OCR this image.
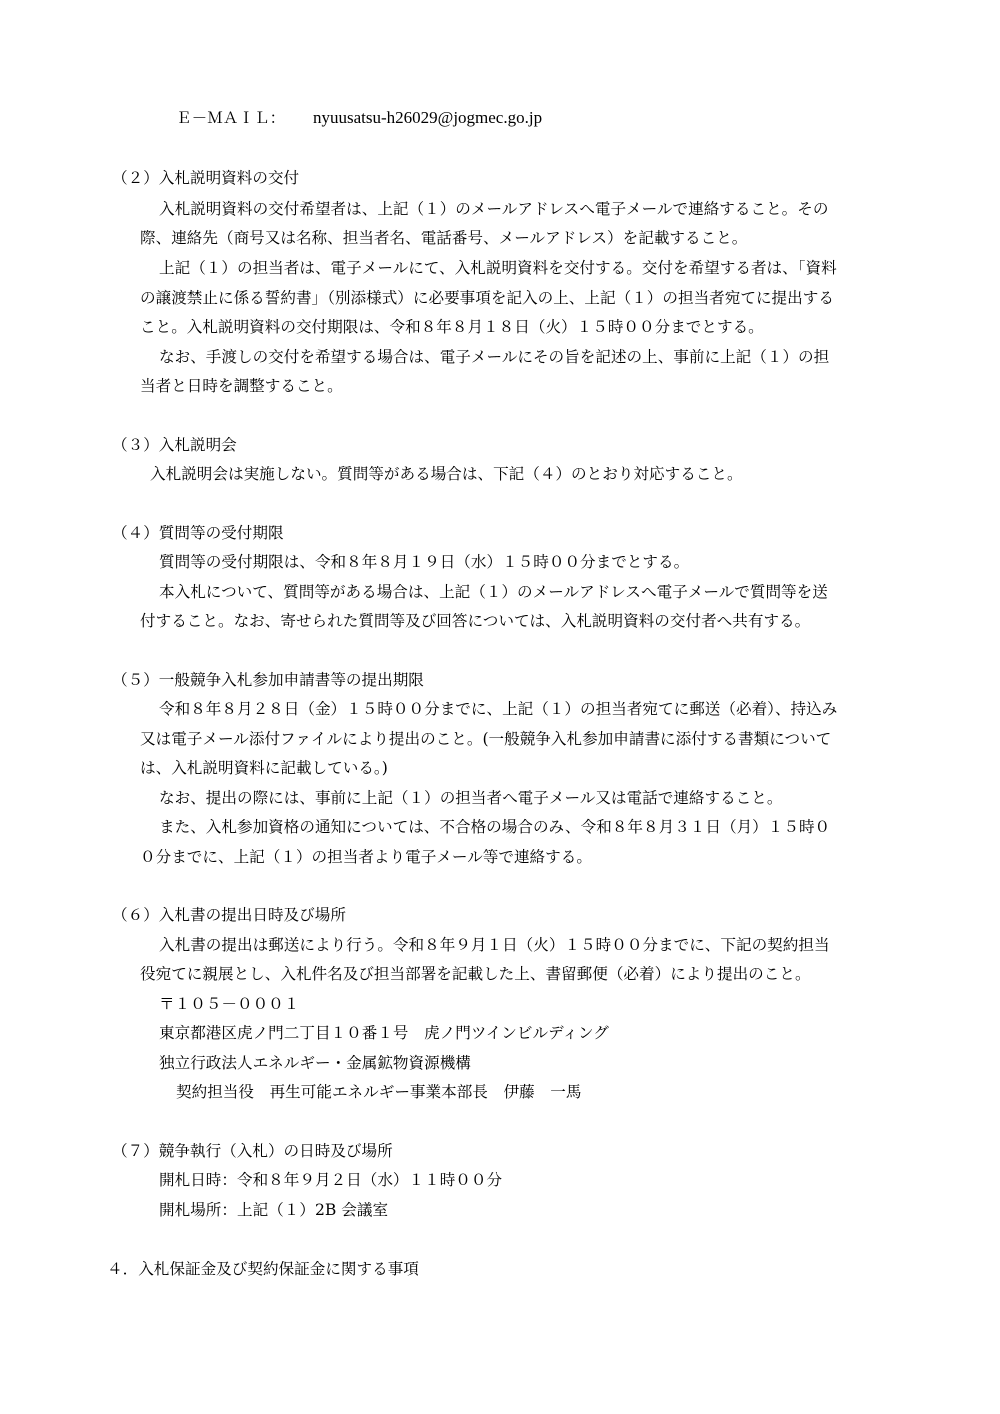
Ｅ－ＭＡＩＬ： nyuusatsu-h26029@jogmec.go.jp

（２）入札説明資料の交付

入札説明資料の交付希望者は、上記（１）のメールアドレスへ電子メールで連絡すること。その

際、連絡先（商号又は名称、担当者名、電話番号、メールアドレス）を記載すること。

上記（１）の担当者は、電子メールにて、入札説明資料を交付する。交付を希望する者は、「資料

の譲渡禁止に係る誓約書」（別添様式）に必要事項を記入の上、上記（１）の担当者宛てに提出する

こと。入札説明資料の交付期限は、令和８年８月１８日（火）１５時００分までとする。

なお、手渡しの交付を希望する場合は、電子メールにその旨を記述の上、事前に上記（１）の担

当者と日時を調整すること。

（３）入札説明会

入札説明会は実施しない。質問等がある場合は、下記（４）のとおり対応すること。

（４）質問等の受付期限

質問等の受付期限は、令和８年８月１９日（水）１５時００分までとする。

本入札について、質問等がある場合は、上記（１）のメールアドレスへ電子メールで質問等を送

付すること。なお、寄せられた質問等及び回答については、入札説明資料の交付者へ共有する。

（５）一般競争入札参加申請書等の提出期限

令和８年８月２８日（金）１５時００分までに、上記（１）の担当者宛てに郵送（必着）、持込み

又は電子メール添付ファイルにより提出のこと。(一般競争入札参加申請書に添付する書類について

は、入札説明資料に記載している。)

なお、提出の際には、事前に上記（１）の担当者へ電子メール又は電話で連絡すること。

また、入札参加資格の通知については、不合格の場合のみ、令和８年８月３１日（月）１５時０

０分までに、上記（１）の担当者より電子メール等で連絡する。

（６）入札書の提出日時及び場所

入札書の提出は郵送により行う。令和８年９月１日（火）１５時００分までに、下記の契約担当

役宛てに親展とし、入札件名及び担当部署を記載した上、書留郵便（必着）により提出のこと。

〒１０５－０００１

東京都港区虎ノ門二丁目１０番１号　虎ノ門ツインビルディング

独立行政法人エネルギー・金属鉱物資源機構

契約担当役　再生可能エネルギー事業本部長　伊藤　一馬

（７）競争執行（入札）の日時及び場所

開札日時：令和８年９月２日（水）１１時００分

開札場所：上記（１）2B 会議室

４．入札保証金及び契約保証金に関する事項
